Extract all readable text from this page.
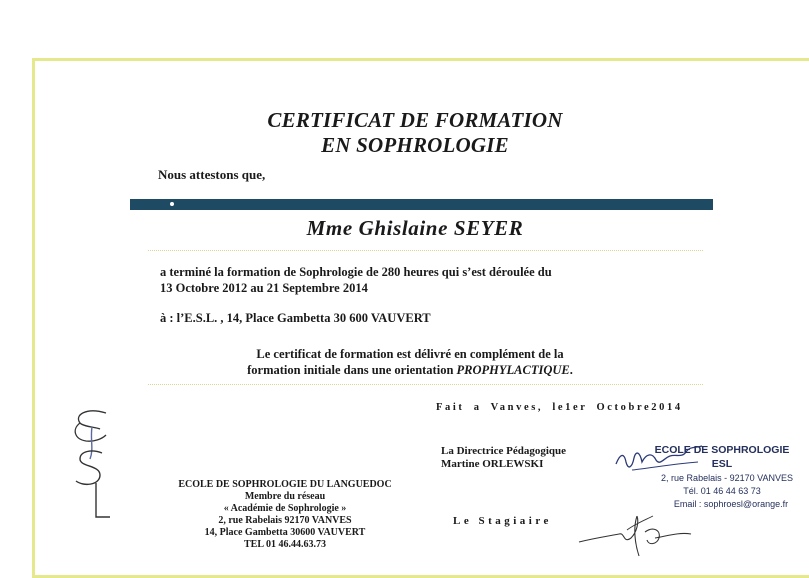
CERTIFICAT DE FORMATION
EN SOPHROLOGIE
Nous attestons que,
Mme Ghislaine SEYER
a terminé la formation de Sophrologie de 280 heures qui s’est déroulée du
13 Octobre 2012 au 21 Septembre 2014
à : l’E.S.L. , 14, Place Gambetta 30 600 VAUVERT
Le certificat de formation est délivré en complément de la
formation initiale dans une orientation PROPHYLACTIQUE.
Fait a Vanves, le1er Octobre2014
La Directrice Pédagogique
Martine ORLEWSKI
ECOLE DE SOPHROLOGIE DU LANGUEDOC
Membre du réseau
« Académie de Sophrologie »
2, rue Rabelais 92170 VANVES
14, Place Gambetta 30600 VAUVERT
TEL 01 46.44.63.73
Le Stagiaire
ECOLE DE SOPHROLOGIE
ESL
2, rue Rabelais - 92170 VANVES
Tél. 01 46 44 63 73
Email : sophroesl@orange.fr
